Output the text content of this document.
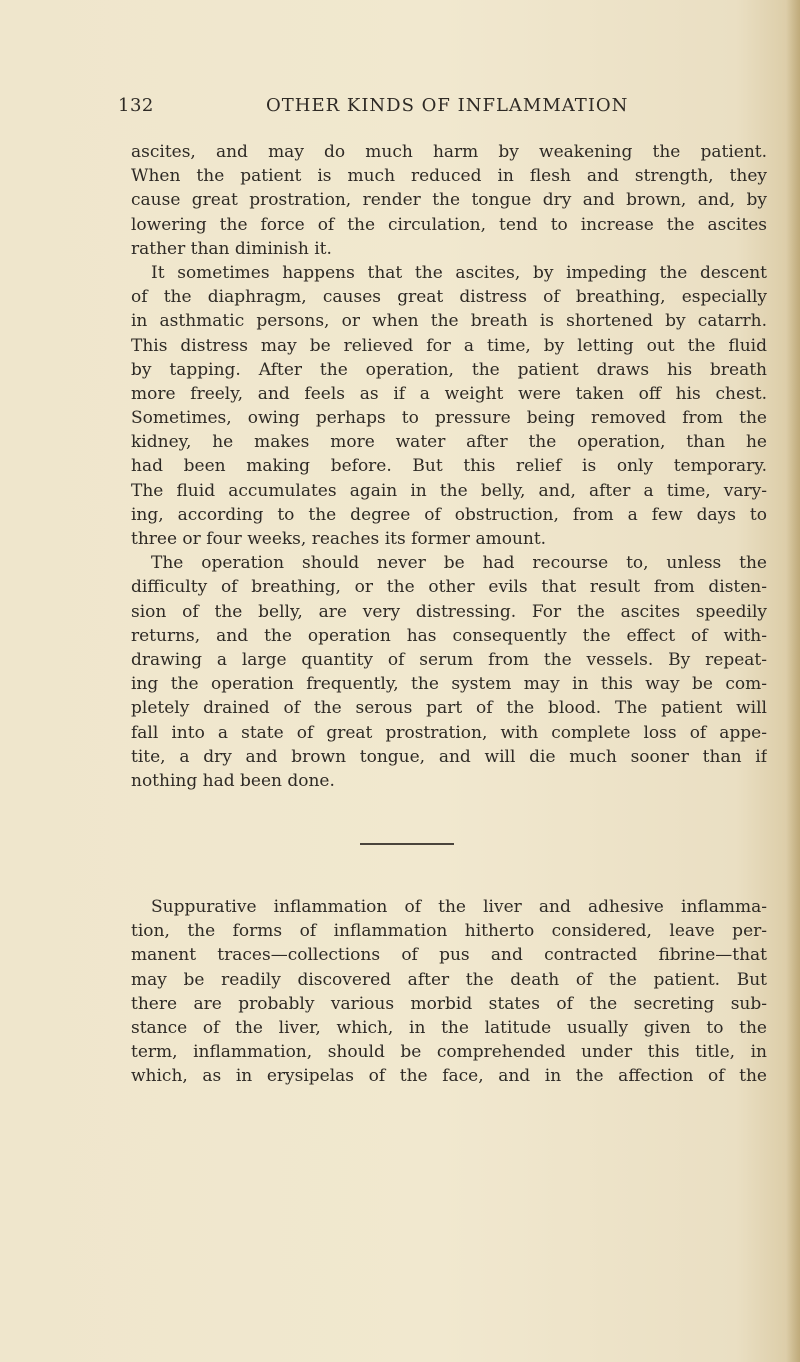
132	OTHER KINDS OF INFLAMMATION
ascites, and may do much harm by weakening the patient.
When the patient is much reduced in flesh and strength, they
cause great prostration, render the tongue dry and brown, and, by
lowering the force of the circulation, tend to increase the ascites
rather than diminish it.
It sometimes happens that the ascites, by impeding the descent
of the diaphragm, causes great distress of breathing, especially
in asthmatic persons, or when the breath is shortened by catarrh.
This distress may be relieved for a time, by letting out the fluid
by tapping. After the operation, the patient draws his breath
more freely, and feels as if a weight were taken off his chest.
Sometimes, owing perhaps to pressure being removed from the
kidney, he makes more water after the operation, than he
had been making before. But this relief is only temporary.
The fluid accumulates again in the belly, and, after a time, vary-
ing, according to the degree of obstruction, from a few days to
three or four weeks, reaches its former amount.
The operation should never be had recourse to, unless the
difficulty of breathing, or the other evils that result from disten-
sion of the belly, are very distressing. For the ascites speedily
returns, and the operation has consequently the effect of with-
drawing a large quantity of serum from the vessels. By repeat-
ing the operation frequently, the system may in this way be com-
pletely drained of the serous part of the blood. The patient will
fall into a state of great prostration, with complete loss of appe-
tite, a dry and brown tongue, and will die much sooner than if
nothing had been done.
Suppurative inflammation of the liver and adhesive inflamma-
tion, the forms of inflammation hitherto considered, leave per-
manent traces—collections of pus and contracted fibrine—that
may be readily discovered after the death of the patient. But
there are probably various morbid states of the secreting sub-
stance of the liver, which, in the latitude usually given to the
term, inflammation, should be comprehended under this title, in
which, as in erysipelas of the face, and in the affection of the
